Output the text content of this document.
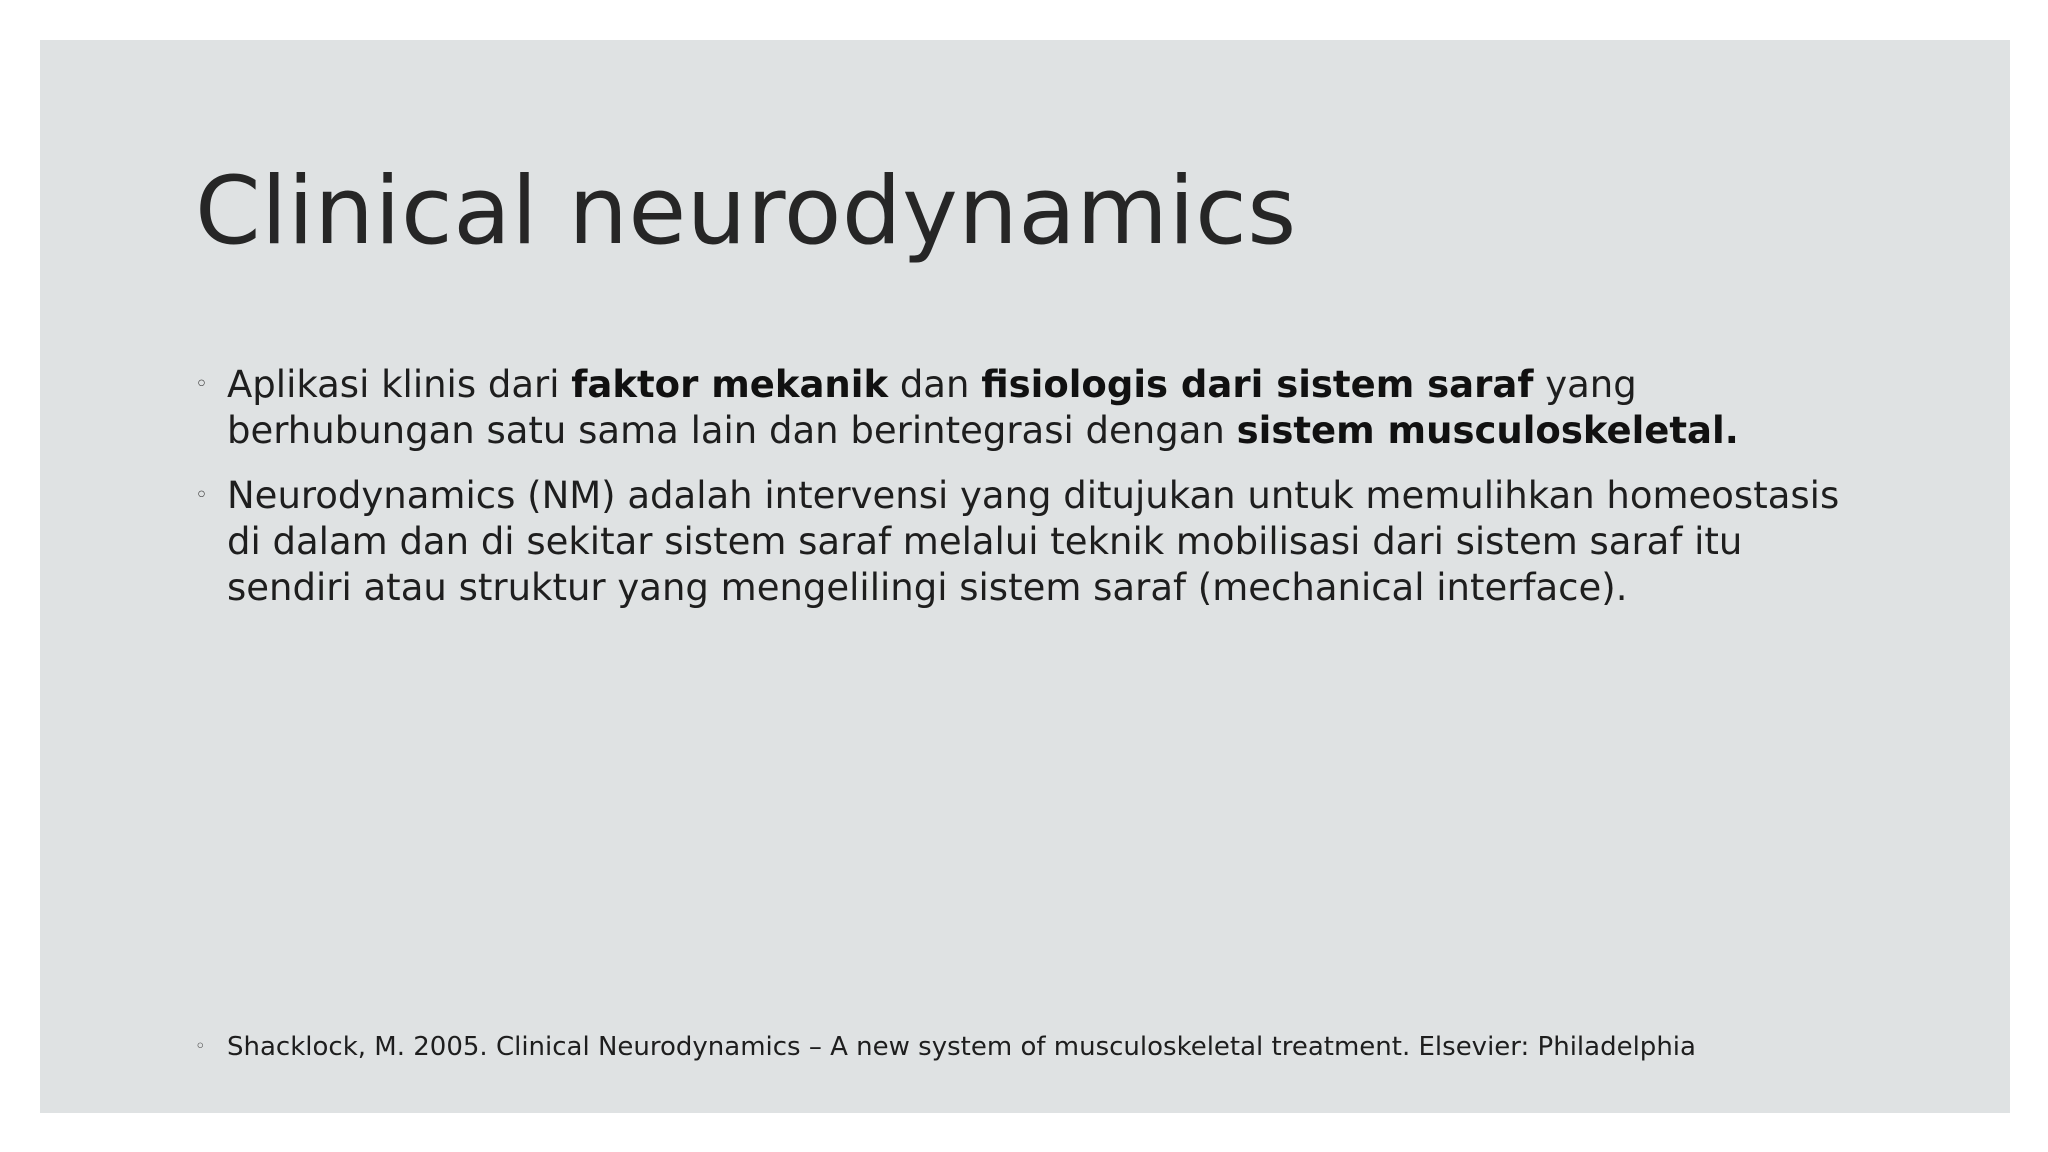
Clinical neurodynamics
◦ Aplikasi klinis dari faktor mekanik dan fisiologis dari sistem saraf yang berhubungan satu sama lain dan berintegrasi dengan sistem musculoskeletal.
◦ Neurodynamics (NM) adalah intervensi yang ditujukan untuk memulihkan homeostasis di dalam dan di sekitar sistem saraf melalui teknik mobilisasi dari sistem saraf itu sendiri atau struktur yang mengelilingi sistem saraf (mechanical interface).
◦ Shacklock, M. 2005. Clinical Neurodynamics – A new system of musculoskeletal treatment. Elsevier: Philadelphia
